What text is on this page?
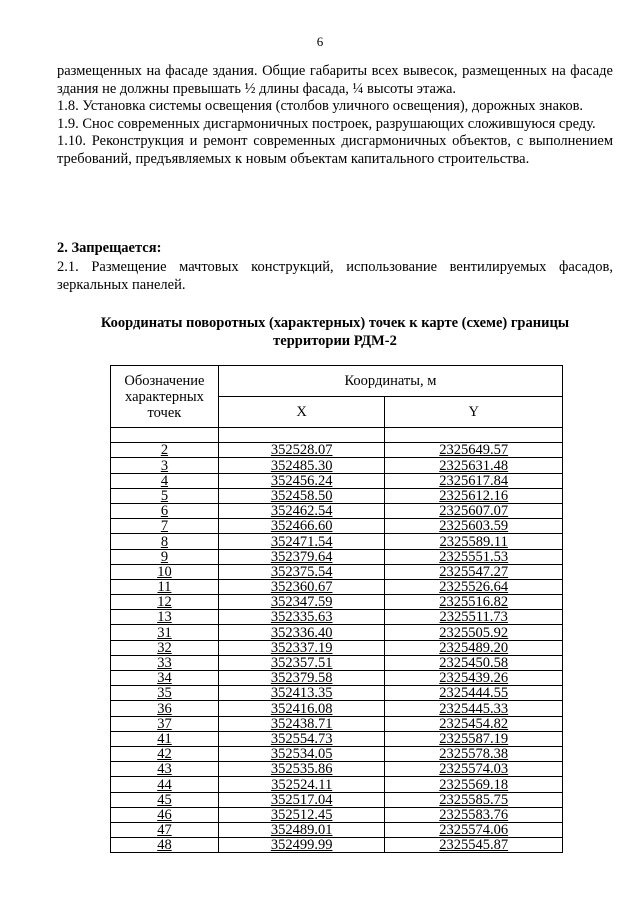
6

размещенных на фасаде здания. Общие габариты всех вывесок, размещенных на фасаде здания не должны превышать ½ длины фасада, ¼ высоты этажа.

1.8. Установка системы освещения (столбов уличного освещения), дорожных знаков.

1.9. Снос современных дисгармоничных построек, разрушающих сложившуюся среду.

1.10. Реконструкция и ремонт современных дисгармоничных объектов, с выполнением требований, предъявляемых к новым объектам капитального строительства.

2. Запрещается:

2.1. Размещение мачтовых конструкций, использование вентилируемых фасадов, зеркальных панелей.

Координаты поворотных (характерных) точек к карте (схеме) границы
территории РДМ-2
Обозначение характерных точек	Координаты, м	
	X	Y

2	352528.07	2325649.57
3	352485.30	2325631.48
4	352456.24	2325617.84
5	352458.50	2325612.16
6	352462.54	2325607.07
7	352466.60	2325603.59
8	352471.54	2325589.11
9	352379.64	2325551.53
10	352375.54	2325547.27
11	352360.67	2325526.64
12	352347.59	2325516.82
13	352335.63	2325511.73
31	352336.40	2325505.92
32	352337.19	2325489.20
33	352357.51	2325450.58
34	352379.58	2325439.26
35	352413.35	2325444.55
36	352416.08	2325445.33
37	352438.71	2325454.82
41	352554.73	2325587.19
42	352534.05	2325578.38
43	352535.86	2325574.03
44	352524.11	2325569.18
45	352517.04	2325585.75
46	352512.45	2325583.76
47	352489.01	2325574.06
48	352499.99	2325545.87
